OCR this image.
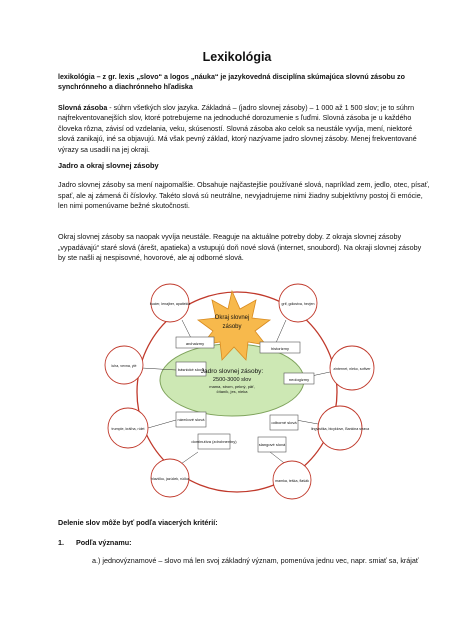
Lexikológia
lexikológia – z gr. lexis „slovo“ a logos „náuka“ je jazykovedná disciplína skúmajúca slovnú zásobu zo synchrónneho a diachrónneho hľadiska
Slovná zásoba - súhrn všetkých slov jazyka. Základná – (jadro slovnej zásoby) – 1 000 až 1 500 slov; je to súhrn najfrekventovanejších slov, ktoré potrebujeme na jednoduché dorozumenie s ľuďmi. Slovná zásoba je u každého človeka rôzna, závisí od vzdelania, veku, skúseností. Slovná zásoba ako celok sa neustále vyvíja, mení, niektoré slová zanikajú, iné sa objavujú. Má však pevný základ, ktorý nazývame jadro slovnej zásoby. Menej frekventované výrazy sa usadili na jej okraji.
Jadro a okraj slovnej zásoby
Jadro slovnej zásoby sa mení najpomalšie. Obsahuje najčastejšie používané slová, napríklad zem, jedlo, otec, písať, spať, ale aj zámená či číslovky. Takéto slová sú neutrálne, nevyjadrujeme nimi žiadny subjektívny postoj či emócie, len nimi pomenúvame bežné skutočnosti.
Okraj slovnej zásoby sa naopak vyvíja neustále. Reaguje na aktuálne potreby doby. Z okraja slovnej zásoby „vypadávajú“ staré slová (árešt, apatieka) a vstupujú doň nové slová (internet, snoubord). Na okraji slovnej zásoby by ste našli aj nespisovné, hovorové, ale aj odborné slová.
Okraj slovnej
zásoby
Jadro slovnej zásoby:
2500-3000 slov
mama, strom, pekný, päť,
čítaník, jes, nieka
archaizmy
historizmy
básnické slová
neologizmy
nárečové slová
odborné slová
dominutíva (zdrobneniny)
slangové slová
bucier, lenajber, apatiekia	grif, gdiostva, hevjen
luha, vevna, ylé
zinternet, nleko, softver
trumple, kráľna, rúlet	lingvistika, bicyklovn, Bankina strava
hlavičku, jazúček, rúčka	mamka, teška, flašák
Delenie slov môže byť podľa viacerých kritérií:
1. Podľa významu:
a.) jednovýznamové – slovo má len svoj základný význam, pomenúva jednu vec, napr. smiať sa, krájať
